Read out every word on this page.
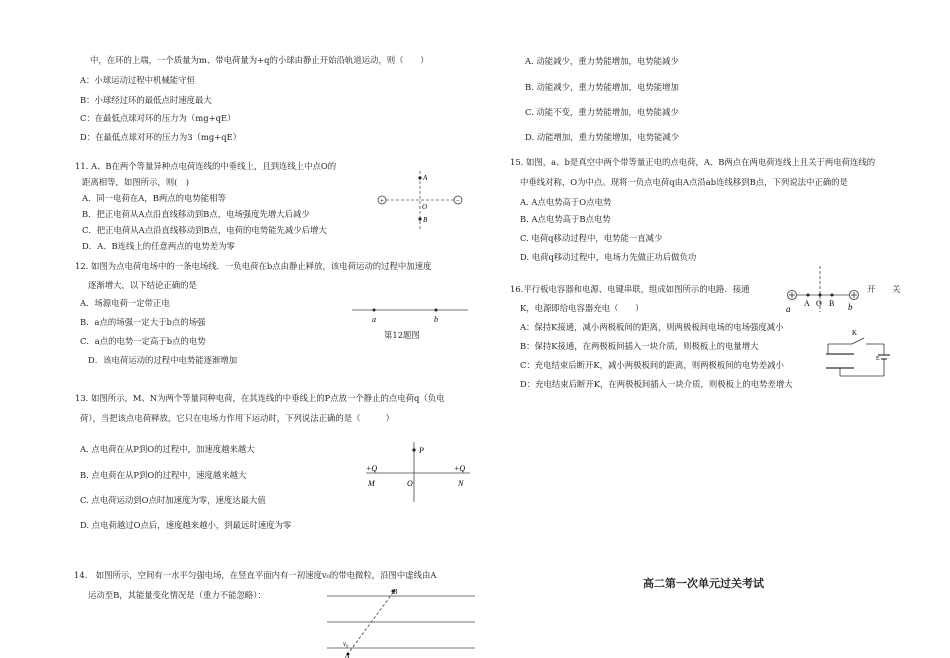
中，在环的上端，一个质量为m、带电荷量为+q的小球由静止开始沿轨道运动，则（　　）
A：小球运动过程中机械能守恒
B：小球经过环的最低点时速度最大
C：在最低点球对环的压力为（mg+qE）
D：在最低点球对环的压力为3（mg+qE）
11. A、B在两个等量异种点电荷连线的中垂线上，且到连线上中点O的
距离相等，如图所示，则(　)
A．同一电荷在A，B两点的电势能相等
B．把正电荷从A点沿直线移动到B点，电场强度先增大后减少
C．把正电荷从A点沿直线移动到B点，电荷的电势能先减少后增大
D．A、B连线上的任意两点的电势差为零
+	−
A
B
O
12. 如图为点电荷电场中的一条电场线．一负电荷在b点由静止释放，该电荷运动的过程中加速度
逐渐增大，以下结论正确的是
A．场源电荷一定带正电
B．a点的场强一定大于b点的场强
C．a点的电势一定高于b点的电势
D．该电荷运动的过程中电势能逐渐增加
a	b
第12题图
13. 如图所示，M、N为两个等量同种电荷，在其连线的中垂线上的P点放一个静止的点电荷q（负电
荷），当把该点电荷释放，它只在电场力作用下运动时，下列说法正确的是（　　　）
A. 点电荷在从P到O的过程中，加速度越来越大
B. 点电荷在从P到O的过程中，速度越来越大
C. 点电荷运动到O点时加速度为零，速度达最大值
D. 点电荷越过O点后，速度越来越小，到最远时速度为零
P
+Q
M	O
+Q
N
14.　如图所示，空间有一水平匀强电场，在竖直平面内有一初速度v₀的带电微粒，沿图中虚线由A
运动至B，其能量变化情况是（重力不能忽略）：	B
v₀
A
A. 动能减少，重力势能增加，电势能减少
B. 动能减少，重力势能增加，电势能增加
C. 动能不变，重力势能增加，电势能减少
D. 动能增加，重力势能增加，电势能减少
15. 如图，a、b是真空中两个带等量正电的点电荷，A、B两点在两电荷连线上且关于两电荷连线的
中垂线对称，O为中点。现将一负点电荷q由A点沿ab连线移到B点，下列说法中正确的是
A. A点电势高于O点电势
B. A点电势高于B点电势
C. 电荷q移动过程中，电势能一直减少
D. 电荷q移动过程中，电场力先做正功后做负功
16.平行板电容器和电源、电键串联，组成如图所示的电路．接通	开　　关
a
A O B b
K，电源即给电容器充电（　　）
A：保持K接通，减小两极板间的距离，则两极板间电场的电场强度减小
B：保持K接通，在两极板间插入一块介质，则极板上的电量增大
C：充电结束后断开K，减小两极板间的距离，则两极板间的电势差减小
D：充电结束后断开K，在两极板间插入一块介质，则极板上的电势差增大
K
E
高二第一次单元过关考试
